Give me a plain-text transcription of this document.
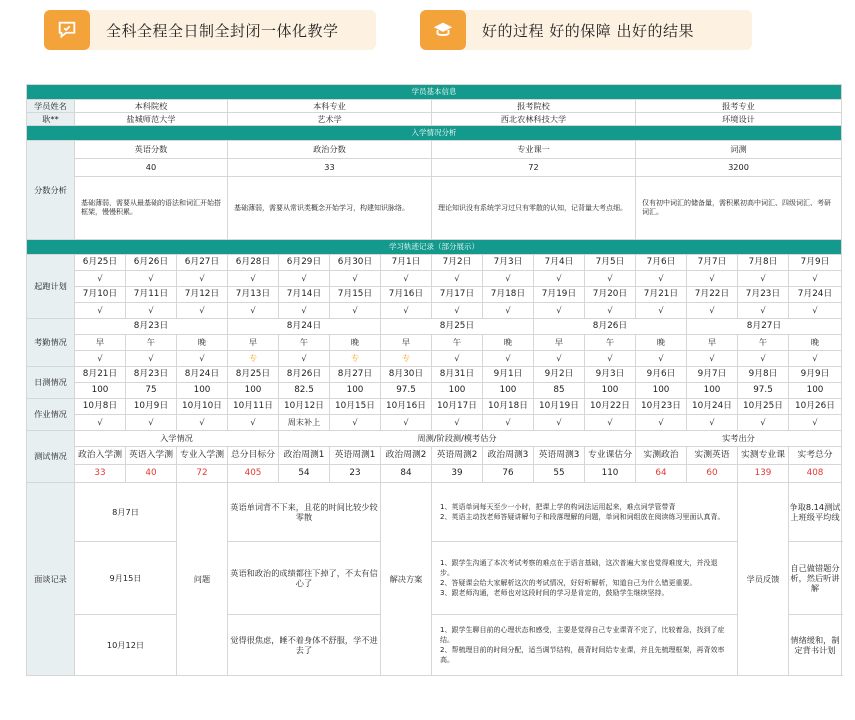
全科全程全日制全封闭一体化教学	好的过程 好的保障 出好的结果
学员基本信息															
学员姓名	本科院校			本科专业				报考院校				报考专业			
耿**	盐城师范大学			艺术学				西北农林科技大学				环境设计			
入学情况分析															
分数分析	英语分数			政治分数				专业课一				词测			
	40			33				72				3200			
	基础薄弱，需要从最基础的语法和词汇开始搭框架，慢慢积累。			基础薄弱，需要从常识类概念开始学习，构建知识脉络。				理论知识没有系统学习过只有零散的认知，记背量大考点细。				仅有初中词汇的储备量，需积累初高中词汇、四级词汇、考研词汇。			
学习轨迹记录（部分展示）															
起跑计划	6月25日	6月26日	6月27日	6月28日	6月29日	6月30日	7月1日	7月2日	7月3日	7月4日	7月5日	7月6日	7月7日	7月8日	7月9日
	√	√	√	√	√	√	√	√	√	√	√	√	√	√	√
	7月10日	7月11日	7月12日	7月13日	7月14日	7月15日	7月16日	7月17日	7月18日	7月19日	7月20日	7月21日	7月22日	7月23日	7月24日
	√	√	√	√	√	√	√	√	√	√	√	√	√	√	√
考勤情况	8月23日			8月24日			8月25日			8月26日			8月27日		
	早	午	晚	早	午	晚	早	午	晚	早	午	晚	早	午	晚
	√	√	√	专	√	专	专	√	√	√	√	√	√	√	√
日测情况	8月21日	8月23日	8月24日	8月25日	8月26日	8月27日	8月30日	8月31日	9月1日	9月2日	9月3日	9月6日	9月7日	9月8日	9月9日
	100	75	100	100	82.5	100	97.5	100	100	85	100	100	100	97.5	100
作业情况	10月8日	10月9日	10月10日	10月11日	10月12日	10月15日	10月16日	10月17日	10月18日	10月19日	10月22日	10月23日	10月24日	10月25日	10月26日
	√	√	√	√	周末补上	√	√	√	√	√	√	√	√	√	√
测试情况	入学情况				周测/阶段测/模考估分							实考出分			
	政治入学测	英语入学测	专业入学测	总分目标分	政治周测1	英语周测1	政治周测2	英语周测2	政治周测3	英语周测3	专业课估分	实测政治	实测英语	实测专业课	实考总分
	33	40	72	405	54	23	84	39	76	55	110	64	60	139	408
面谈记录	8月7日		问题	英语单词背不下来，且花的时间比较少较零散			解决方案	1、英语单词每天至少一小时，把课上学的构词法运用起来，难点词学管带背
2、英语主动找老师答疑讲解句子和段落理解的问题，单词和词组放在阅读练习里面认真背。						学员反馈	争取8.14测试上班级平均线
	9月15日			英语和政治的成绩都往下掉了，不太有信心了				1、跟学生沟通了本次考试考察的难点在于语言基础，这次普遍大家也觉得难度大，并没退步。
2、答疑课会给大家解析这次的考试情况，好好听解析，知道自己为什么错更重要。
3、跟老师沟通，老师也对这段时间的学习是肯定的，鼓励学生继续坚持。							自己做错题分析，然后听讲解
	10月12日			觉得很焦虑，睡不着身体不舒服，学不进去了				1、跟学生聊目前的心理状态和感受，主要是觉得自己专业课背不完了，比较着急，找到了症结。
2、帮梳理目前的时间分配，适当调节结构，晨背时间给专业课，并且先梳理框架，再背效率高。							情绪缓和，制定背书计划
